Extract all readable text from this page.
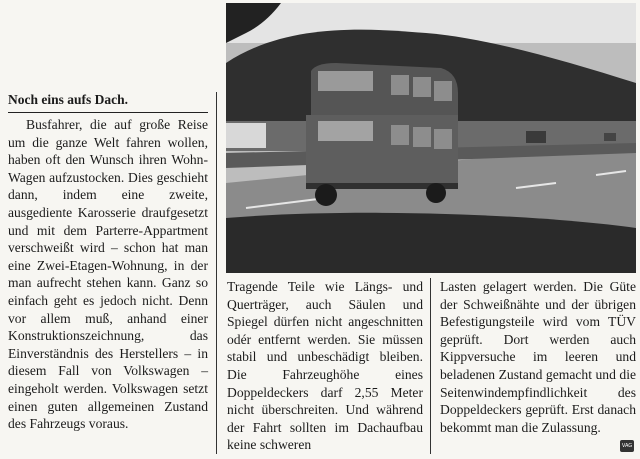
Noch eins aufs Dach.

Busfahrer, die auf große Reise um die ganze Welt fahren wollen, haben oft den Wunsch ihren Wohn-Wagen aufzustocken. Dies geschieht dann, indem eine zweite, ausgediente Karosserie draufgesetzt und mit dem Parterre-Appartment verschweißt wird – schon hat man eine Zwei-Etagen-Wohnung, in der man aufrecht stehen kann. Ganz so einfach geht es jedoch nicht. Denn vor allem muß, anhand einer Konstruktionszeichnung, das Einverständnis des Herstellers – in diesem Fall von Volkswagen – eingeholt werden. Volkswagen setzt einen guten allgemeinen Zustand des Fahrzeugs voraus.

Tragende Teile wie Längs- und Querträger, auch Säulen und Spiegel dürfen nicht angeschnitten odér entfernt werden. Sie müssen stabil und unbeschädigt bleiben. Die Fahrzeughöhe eines Doppeldeckers darf 2,55 Meter nicht überschreiten. Und während der Fahrt sollten im Dachaufbau keine schweren

Lasten gelagert werden. Die Güte der Schweißnähte und der übrigen Befestigungsteile wird vom TÜV geprüft. Dort werden auch Kippversuche im leeren und beladenen Zustand gemacht und die Seitenwindempfindlichkeit des Doppeldeckers geprüft. Erst danach bekommt man die Zulassung.

VAG
